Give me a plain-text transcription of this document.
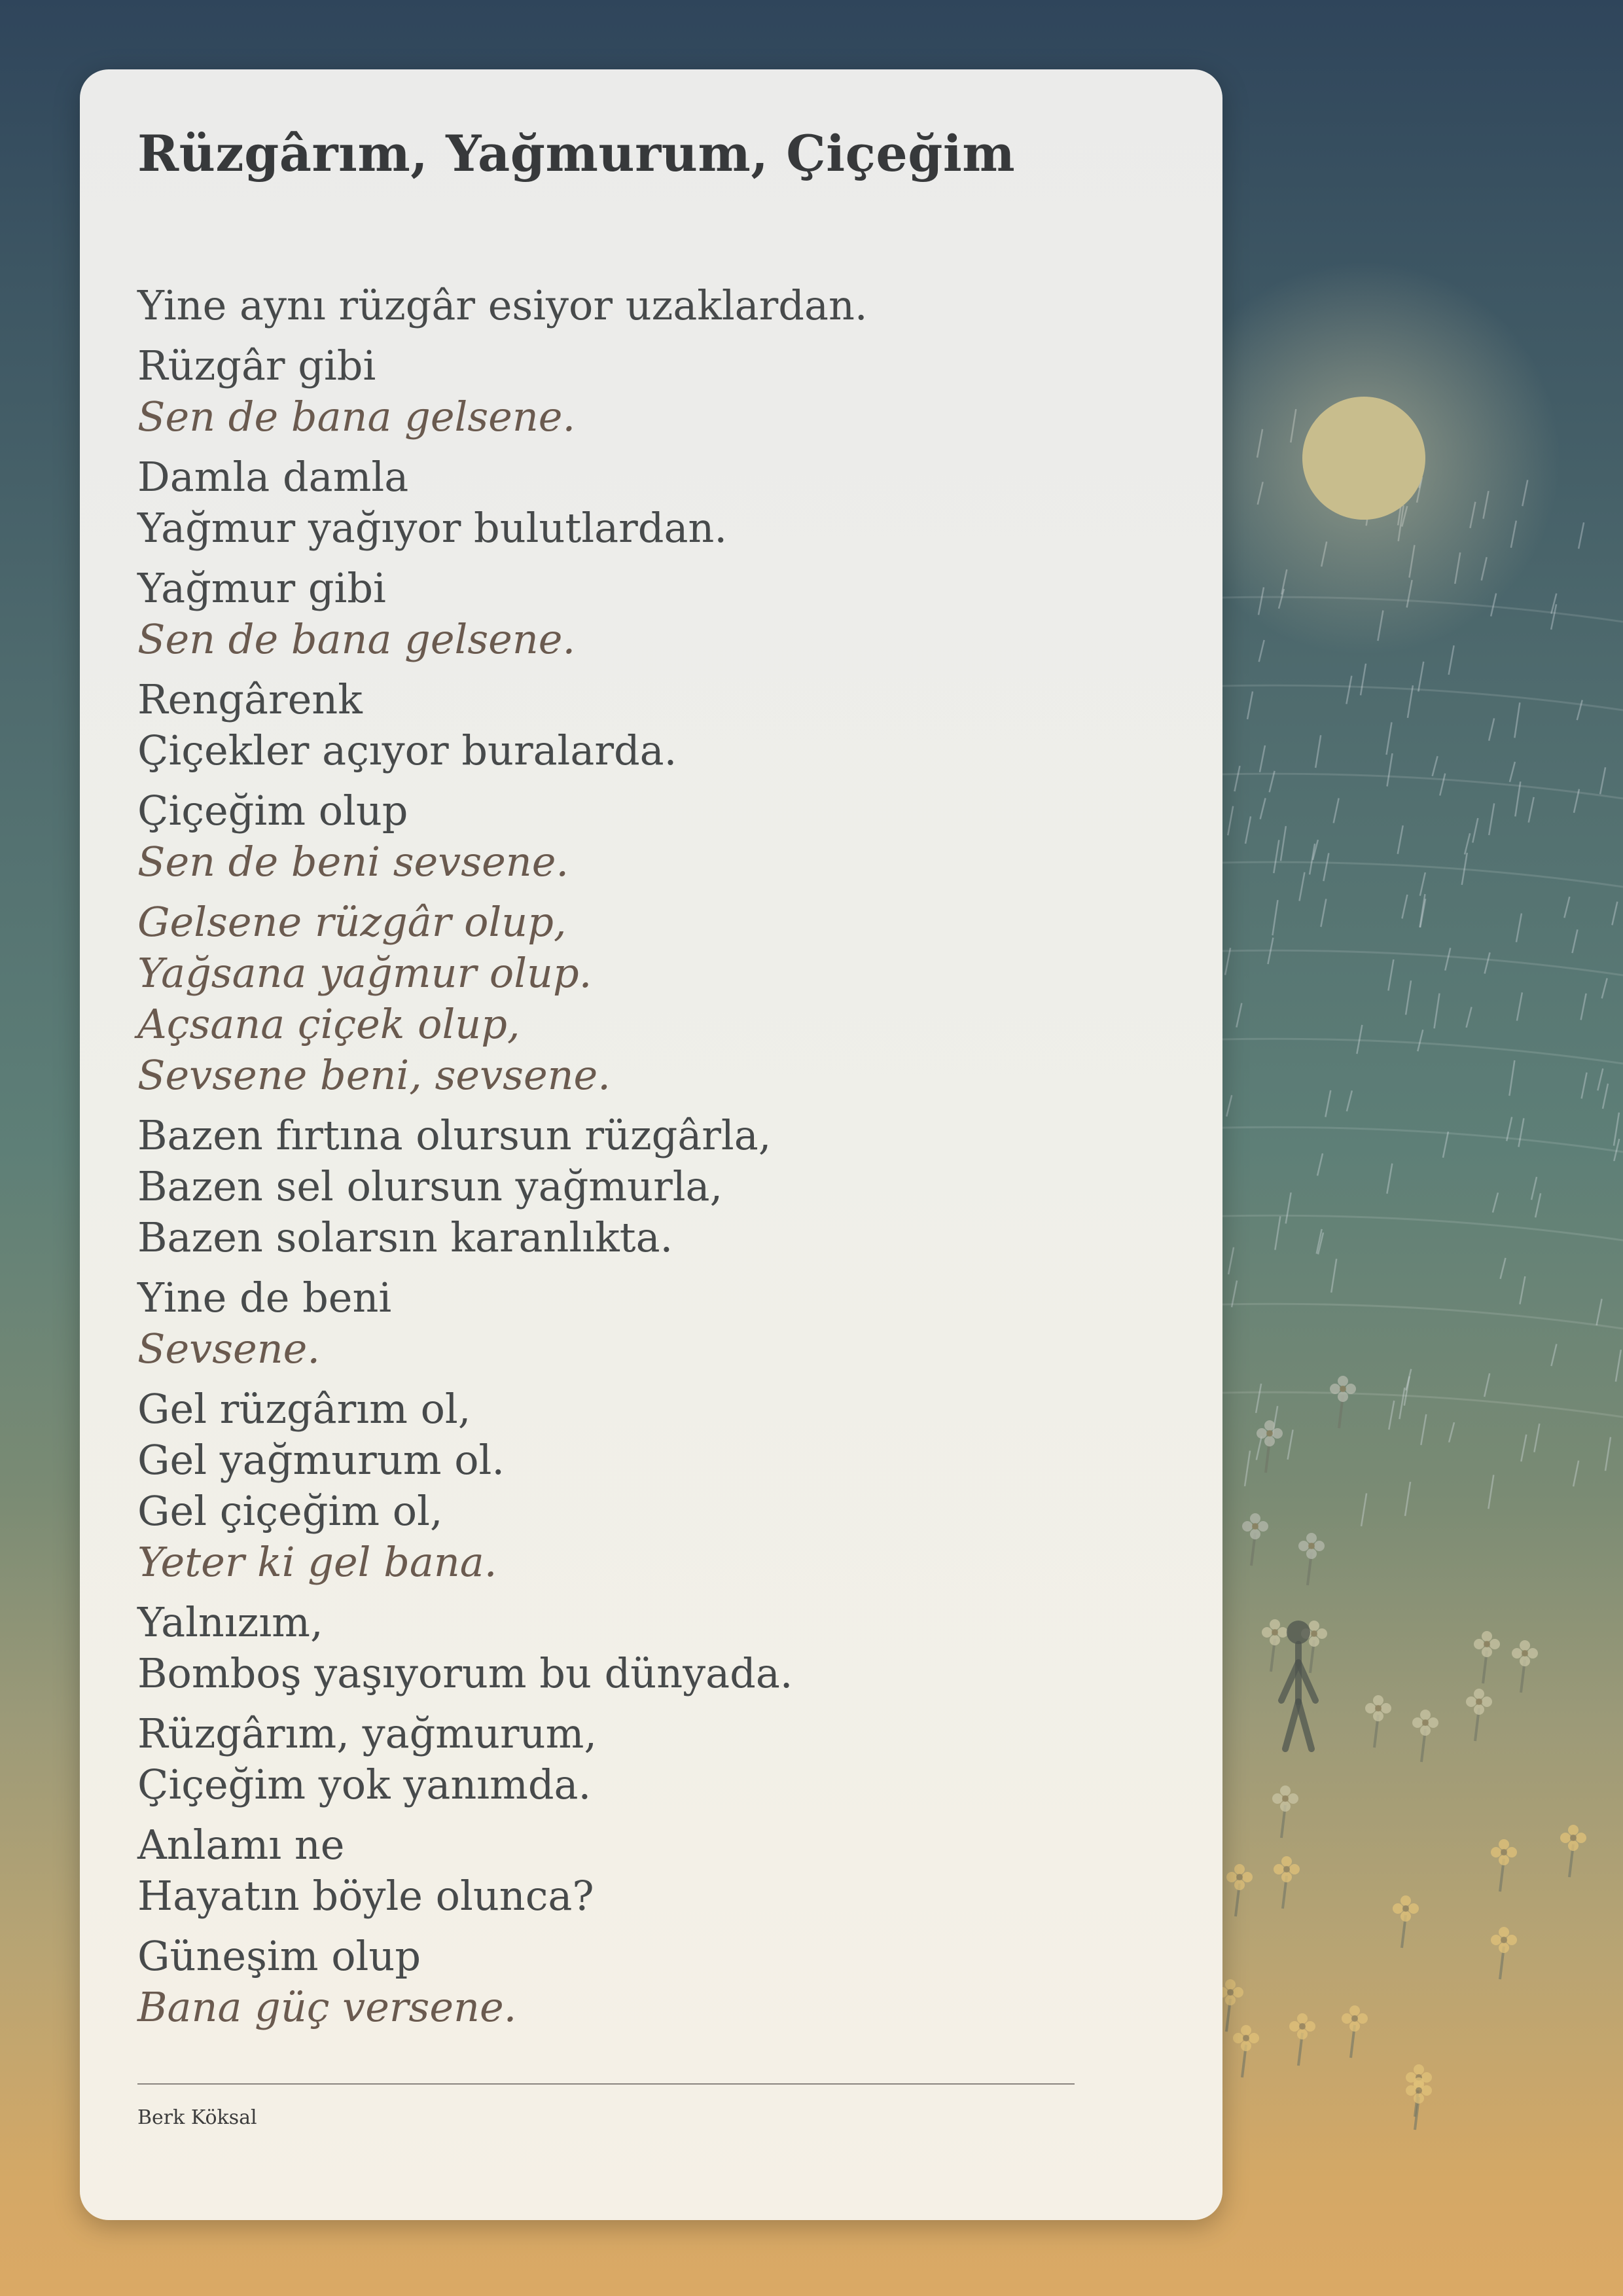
Rüzgârım, Yağmurum, Çiçeğim
Yine aynı rüzgâr esiyor uzaklardan.
Rüzgâr gibi
Sen de bana gelsene.
Damla damla
Yağmur yağıyor bulutlardan.
Yağmur gibi
Sen de bana gelsene.
Rengârenk
Çiçekler açıyor buralarda.
Çiçeğim olup
Sen de beni sevsene.
Gelsene rüzgâr olup,
Yağsana yağmur olup.
Açsana çiçek olup,
Sevsene beni, sevsene.
Bazen fırtına olursun rüzgârla,
Bazen sel olursun yağmurla,
Bazen solarsın karanlıkta.
Yine de beni
Sevsene.
Gel rüzgârım ol,
Gel yağmurum ol.
Gel çiçeğim ol,
Yeter ki gel bana.
Yalnızım,
Bomboş yaşıyorum bu dünyada.
Rüzgârım, yağmurum,
Çiçeğim yok yanımda.
Anlamı ne
Hayatın böyle olunca?
Güneşim olup
Bana güç versene.
Berk Köksal
